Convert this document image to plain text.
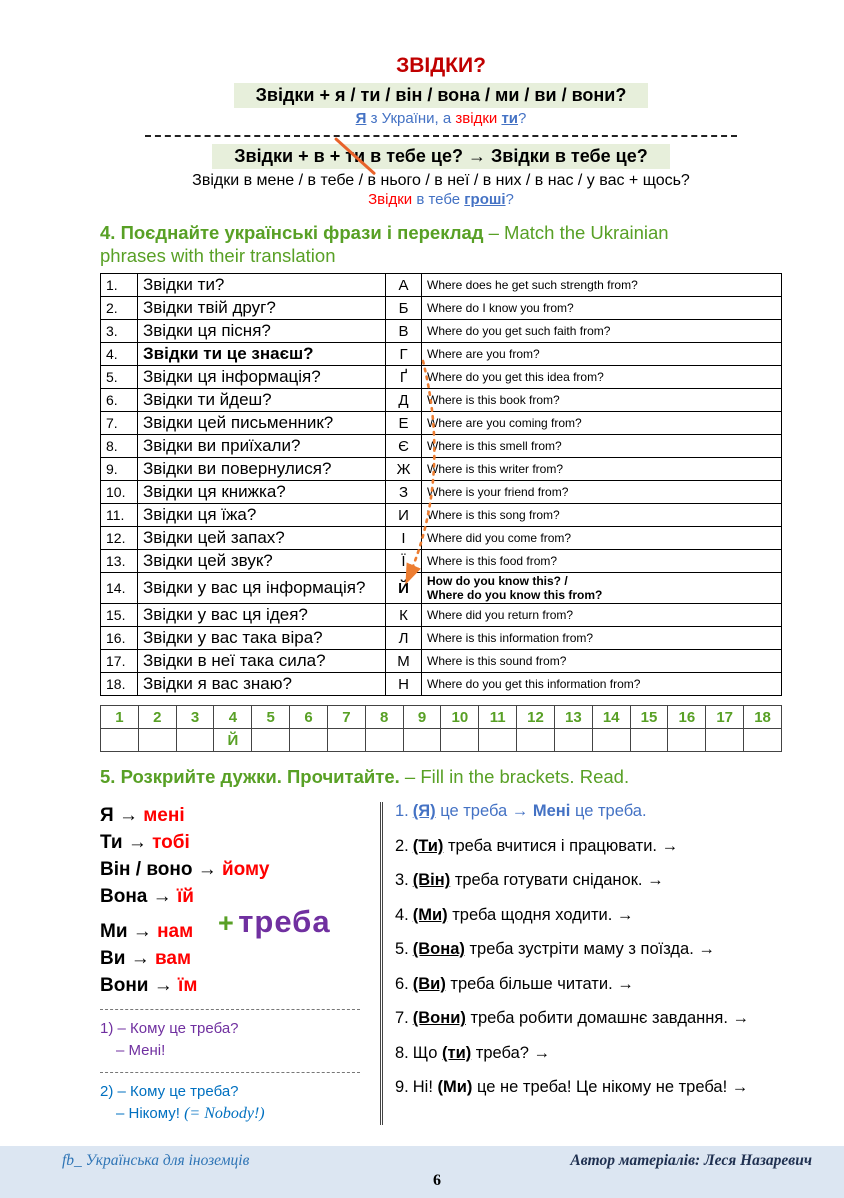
ЗВІДКИ?
Звідки + я / ти / він / вона / ми / ви / вони?
Я з України, а звідки ти?
Звідки + в + ти в тебе це? → Звідки в тебе це?
Звідки в мене / в тебе / в нього / в неї / в них / в нас / у вас + щось?
Звідки в тебе гроші?
4. Поєднайте українські фрази і переклад – Match the Ukrainian phrases with their translation
1.	Звідки ти?	А	Where does he get such strength from?
2.	Звідки твій друг?	Б	Where do I know you from?
3.	Звідки ця пісня?	В	Where do you get such faith from?
4.	Звідки ти це знаєш?	Г	Where are you from?
5.	Звідки ця інформація?	Ґ	Where do you get this idea from?
6.	Звідки ти йдеш?	Д	Where is this book from?
7.	Звідки цей письменник?	Е	Where are you coming from?
8.	Звідки ви приїхали?	Є	Where is this smell from?
9.	Звідки ви повернулися?	Ж	Where is this writer from?
10.	Звідки ця книжка?	З	Where is your friend from?
11.	Звідки ця їжа?	И	Where is this song from?
12.	Звідки цей запах?	І	Where did you come from?
13.	Звідки цей звук?	Ї	Where is this food from?
14.	Звідки у вас ця інформація?	Й	How do you know this? /
Where do you know this from?

15.	Звідки у вас ця ідея?	К	Where did you return from?
16.	Звідки у вас така віра?	Л	Where is this information from?
17.	Звідки в неї така сила?	М	Where is this sound from?
18.	Звідки я вас знаю?	Н	Where do you get this information from?
1	2	3	4	5	6	7	8	9	10	11	12	13	14	15	16	17	18
			Й														
5. Розкрийте дужки. Прочитайте. – Fill in the brackets. Read.
Я → мені
Ти → тобі
Він / воно → йому
Вона → їй
Ми → нам
Ви → вам
Вони → їм
+ треба
1) – Кому це треба?
– Мені!
2) – Кому це треба?
– Нікому! (= Nobody!)
1. (Я) це треба → Мені це треба.
2. (Ти) треба вчитися і працювати. →
3. (Він) треба готувати сніданок. →
4. (Ми) треба щодня ходити. →
5. (Вона) треба зустріти маму з поїзда. →
6. (Ви) треба більше читати. →
7. (Вони) треба робити домашнє завдання. →
8. Що (ти) треба? →
9. Ні! (Ми) це не треба! Це нікому не треба! →
fb_ Українська для іноземців	Автор матеріалів: Леся Назаревич
6
